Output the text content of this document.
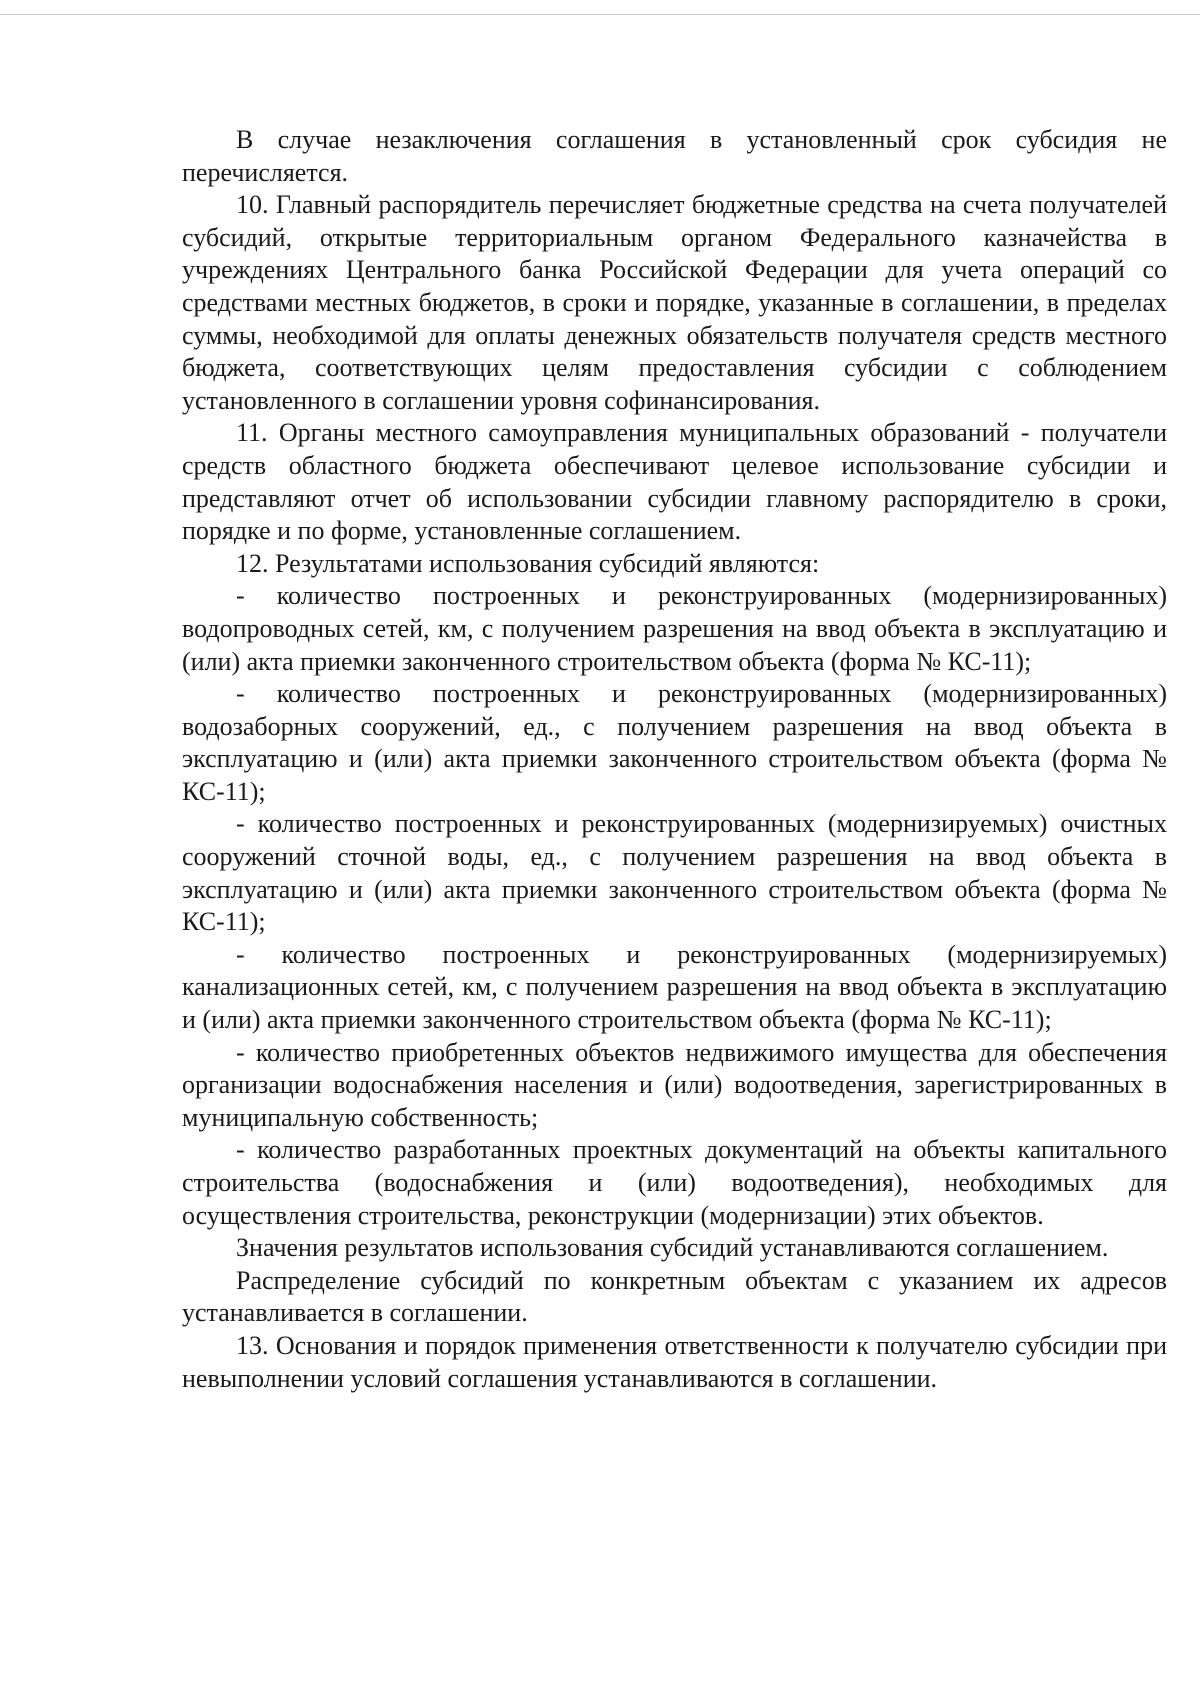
В случае незаключения соглашения в установленный срок субсидия не перечисляется.

10. Главный распорядитель перечисляет бюджетные средства на счета получателей субсидий, открытые территориальным органом Федерального казначейства в учреждениях Центрального банка Российской Федерации для учета операций со средствами местных бюджетов, в сроки и порядке, указанные в соглашении, в пределах суммы, необходимой для оплаты денежных обязательств получателя средств местного бюджета, соответствующих целям предоставления субсидии с соблюдением установленного в соглашении уровня софинансирования.

11. Органы местного самоуправления муниципальных образований - получатели средств областного бюджета обеспечивают целевое использование субсидии и представляют отчет об использовании субсидии главному распорядителю в сроки, порядке и по форме, установленные соглашением.

12. Результатами использования субсидий являются:

- количество построенных и реконструированных (модернизированных) водопроводных сетей, км, с получением разрешения на ввод объекта в эксплуатацию и (или) акта приемки законченного строительством объекта (форма № КС-11);

- количество построенных и реконструированных (модернизированных) водозаборных сооружений, ед., с получением разрешения на ввод объекта в эксплуатацию и (или) акта приемки законченного строительством объекта (форма № КС-11);

- количество построенных и реконструированных (модернизируемых) очистных сооружений сточной воды, ед., с получением разрешения на ввод объекта в эксплуатацию и (или) акта приемки законченного строительством объекта (форма № КС-11);

- количество построенных и реконструированных (модернизируемых) канализационных сетей, км, с получением разрешения на ввод объекта в эксплуатацию и (или) акта приемки законченного строительством объекта (форма № КС-11);

- количество приобретенных объектов недвижимого имущества для обеспечения организации водоснабжения населения и (или) водоотведения, зарегистрированных в муниципальную собственность;

- количество разработанных проектных документаций на объекты капитального строительства (водоснабжения и (или) водоотведения), необходимых для осуществления строительства, реконструкции (модернизации) этих объектов.

Значения результатов использования субсидий устанавливаются соглашением.

Распределение субсидий по конкретным объектам с указанием их адресов устанавливается в соглашении.

13. Основания и порядок применения ответственности к получателю субсидии при невыполнении условий соглашения устанавливаются в соглашении.
